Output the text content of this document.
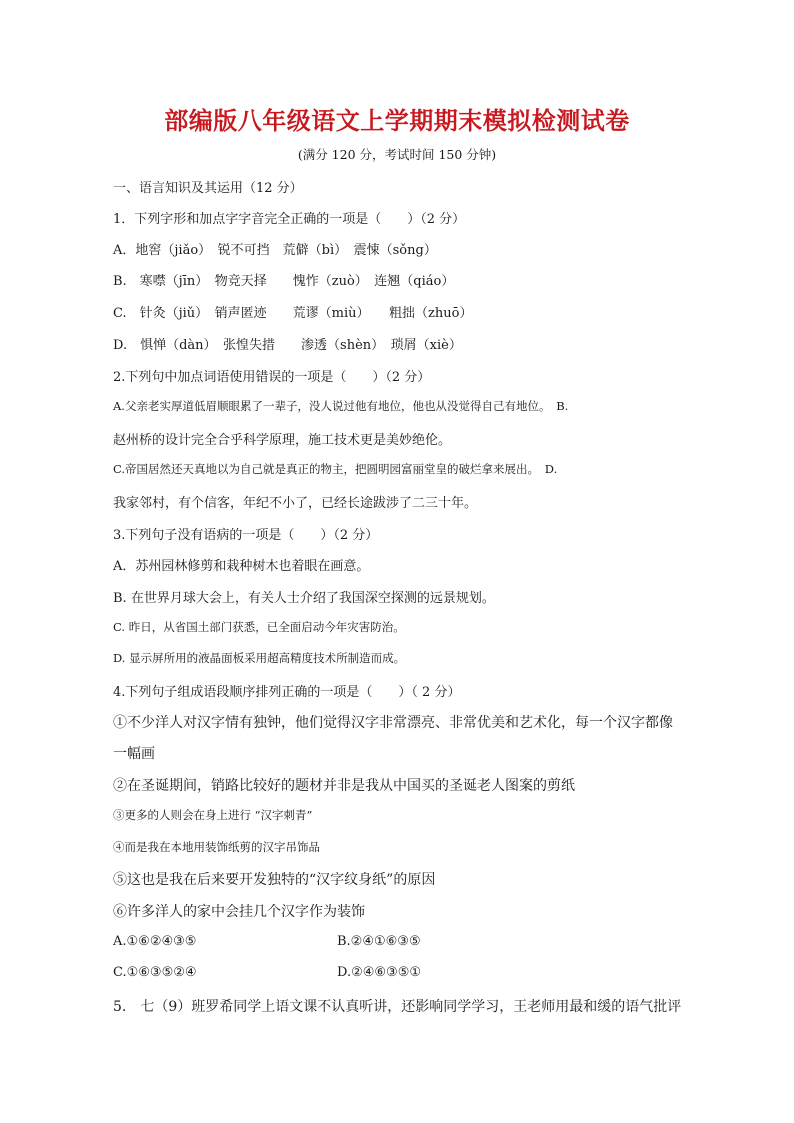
部编版八年级语文上学期期末模拟检测试卷
(满分 120 分，考试时间 150 分钟)
一、语言知识及其运用（12 分）
1．下列字形和加点字字音完全正确的一项是（　　）（2 分）
A．地窖（jiǎo）　锐不可挡　荒僻（bì）　震悚（sǒng）
B.　寒噤（jīn）　物竞天择　　愧怍（zuò）　连翘（qiáo）
C.　针灸（jiǔ）　销声匿迹　　荒谬（miù）　　粗拙（zhuō）
D.　惧惮（dàn）　张惶失措　　渗透（shèn）　琐屑（xiè）
2.下列句中加点词语使用错误的一项是（　　）（2 分）
A.父亲老实厚道低眉顺眼累了一辈子，没人说过他有地位，他也从没觉得自己有地位。　B.
赵州桥的设计完全合乎科学原理，施工技术更是美妙绝伦。
C.帝国居然还天真地以为自己就是真正的物主，把圆明园富丽堂皇的破烂拿来展出。　D.
我家邻村，有个信客，年纪不小了，已经长途跋涉了二三十年。
3.下列句子没有语病的一项是（　　）（2 分）
A．苏州园林修剪和栽种树木也着眼在画意。
B. 在世界月球大会上，有关人士介绍了我国深空探测的远景规划。
C. 昨日，从省国土部门获悉，已全面启动今年灾害防治。
D. 显示屏所用的液晶面板采用超高精度技术所制造而成。
4.下列句子组成语段顺序排列正确的一项是（　　）（ 2 分）
①不少洋人对汉字情有独钟，他们觉得汉字非常漂亮、非常优美和艺术化，每一个汉字都像
一幅画
②在圣诞期间，销路比较好的题材并非是我从中国买的圣诞老人图案的剪纸
③更多的人则会在身上进行 “汉字刺青”
④而是我在本地用装饰纸剪的汉字吊饰品
⑤这也是我在后来要开发独特的“汉字纹身纸”的原因
⑥许多洋人的家中会挂几个汉字作为装饰
A.①⑥②④③⑤	B.②④①⑥③⑤
C.①⑥③⑤②④	D.②④⑥③⑤①
5.　七（9）班罗希同学上语文课不认真听讲，还影响同学学习，王老师用最和缓的语气批评
